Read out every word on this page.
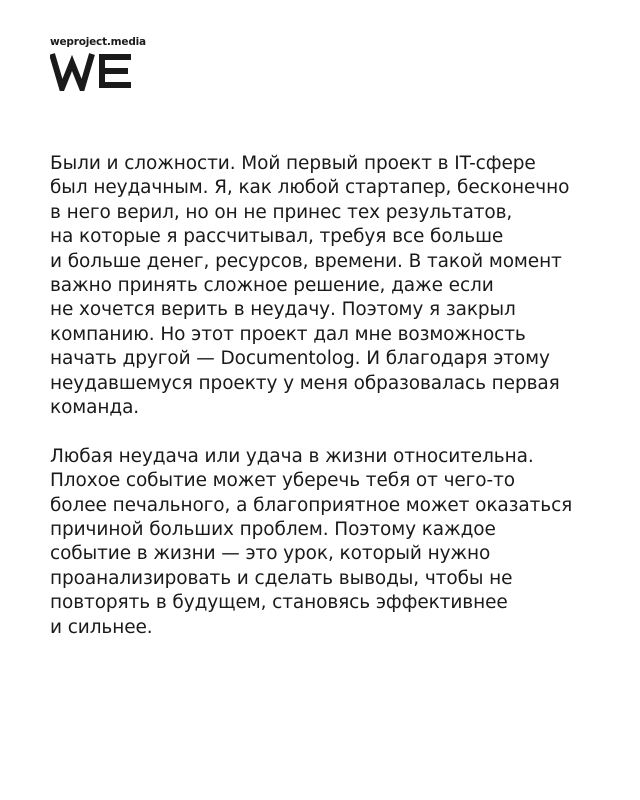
weproject.media

Были и сложности. Мой первый проект в IT-сфере
был неудачным. Я, как любой стартапер, бесконечно
в него верил, но он не принес тех результатов,
на которые я рассчитывал, требуя все больше
и больше денег, ресурсов, времени. В такой момент
важно принять сложное решение, даже если
не хочется верить в неудачу. Поэтому я закрыл
компанию. Но этот проект дал мне возможность
начать другой — Documentolog. И благодаря этому
неудавшемуся проекту у меня образовалась первая
команда.

Любая неудача или удача в жизни относительна.
Плохое событие может уберечь тебя от чего-то
более печального, а благоприятное может оказаться
причиной больших проблем. Поэтому каждое
событие в жизни — это урок, который нужно
проанализировать и сделать выводы, чтобы не
повторять в будущем, становясь эффективнее
и сильнее.
